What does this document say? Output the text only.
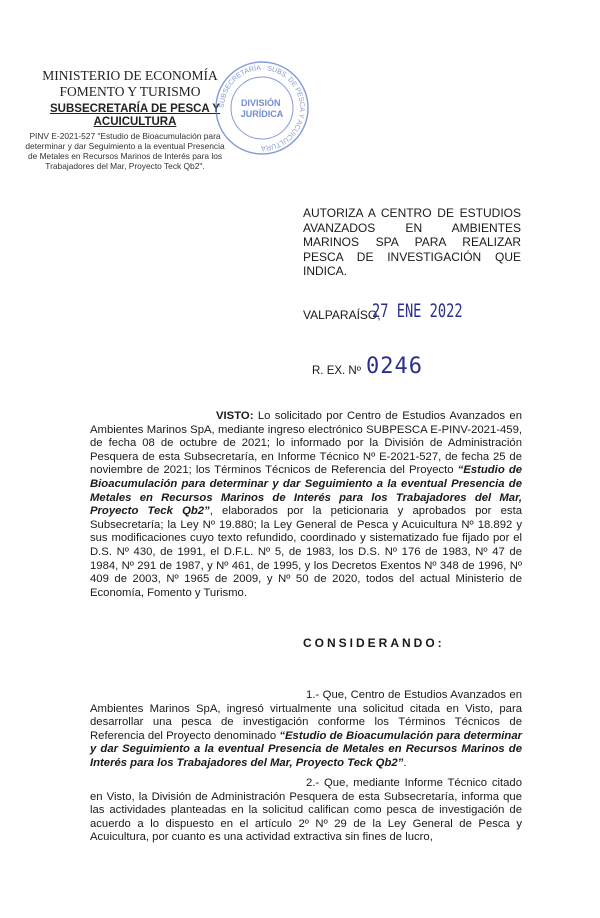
MINISTERIO DE ECONOMÍA
FOMENTO Y TURISMO
SUBSECRETARÍA DE PESCA Y ACUICULTURA
PINV E-2021-527 "Estudio de Bioacumulación para determinar y dar Seguimiento a la eventual Presencia de Metales en Recursos Marinos de Interés para los Trabajadores del Mar, Proyecto Teck Qb2".
SUBSECRETARÍA · SUBS. DE PESCA Y ACUICULTURA
DIVISIÓN JURÍDICA
AUTORIZA A CENTRO DE ESTUDIOS AVANZADOS EN AMBIENTES MARINOS SPA PARA REALIZAR PESCA DE INVESTIGACIÓN QUE INDICA.
VALPARAÍSO,
27 ENE 2022
R. EX. Nº 0246
VISTO: Lo solicitado por Centro de Estudios Avanzados en Ambientes Marinos SpA, mediante ingreso electrónico SUBPESCA E-PINV-2021-459, de fecha 08 de octubre de 2021; lo informado por la División de Administración Pesquera de esta Subsecretaría, en Informe Técnico Nº E-2021-527, de fecha 25 de noviembre de 2021; los Términos Técnicos de Referencia del Proyecto “Estudio de Bioacumulación para determinar y dar Seguimiento a la eventual Presencia de Metales en Recursos Marinos de Interés para los Trabajadores del Mar, Proyecto Teck Qb2”, elaborados por la peticionaria y aprobados por esta Subsecretaría; la Ley Nº 19.880; la Ley General de Pesca y Acuicultura Nº 18.892 y sus modificaciones cuyo texto refundido, coordinado y sistematizado fue fijado por el D.S. Nº 430, de 1991, el D.F.L. Nº 5, de 1983, los D.S. Nº 176 de 1983, Nº 47 de 1984, Nº 291 de 1987, y Nº 461, de 1995, y los Decretos Exentos Nº 348 de 1996, Nº 409 de 2003, Nº 1965 de 2009, y Nº 50 de 2020, todos del actual Ministerio de Economía, Fomento y Turismo.
CONSIDERANDO:
1.- Que, Centro de Estudios Avanzados en Ambientes Marinos SpA, ingresó virtualmente una solicitud citada en Visto, para desarrollar una pesca de investigación conforme los Términos Técnicos de Referencia del Proyecto denominado “Estudio de Bioacumulación para determinar y dar Seguimiento a la eventual Presencia de Metales en Recursos Marinos de Interés para los Trabajadores del Mar, Proyecto Teck Qb2”.
2.- Que, mediante Informe Técnico citado en Visto, la División de Administración Pesquera de esta Subsecretaría, informa que las actividades planteadas en la solicitud califican como pesca de investigación de acuerdo a lo dispuesto en el artículo 2º Nº 29 de la Ley General de Pesca y Acuicultura, por cuanto es una actividad extractiva sin fines de lucro,
